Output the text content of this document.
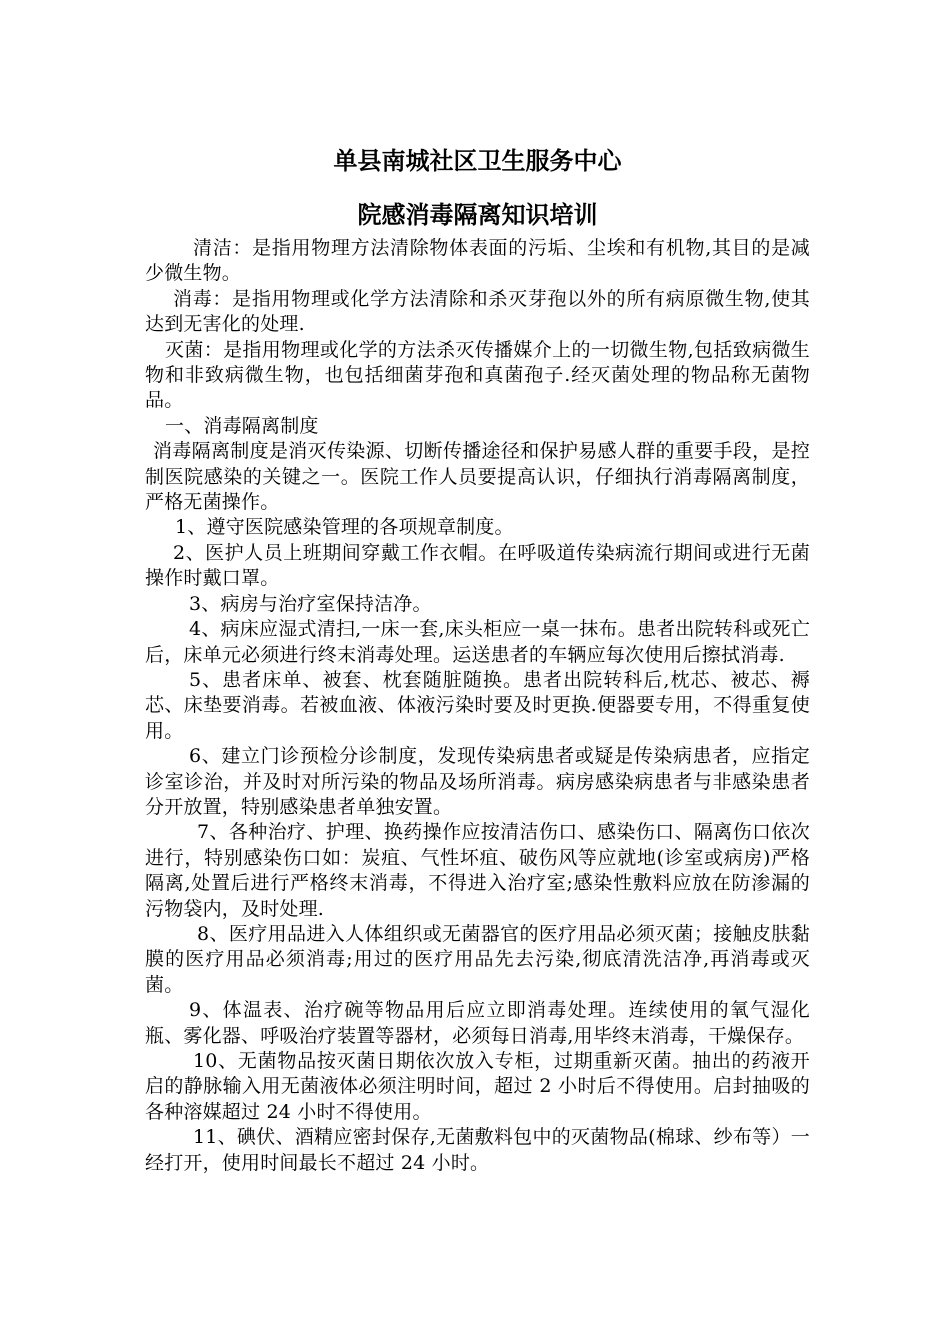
单县南城社区卫生服务中心
院感消毒隔离知识培训

清洁：是指用物理方法清除物体表面的污垢、尘埃和有机物,其目的是减少微生物。

消毒：是指用物理或化学方法清除和杀灭芽孢以外的所有病原微生物,使其达到无害化的处理.

灭菌：是指用物理或化学的方法杀灭传播媒介上的一切微生物,包括致病微生物和非致病微生物，也包括细菌芽孢和真菌孢子.经灭菌处理的物品称无菌物品。

一、消毒隔离制度

消毒隔离制度是消灭传染源、切断传播途径和保护易感人群的重要手段，是控制医院感染的关键之一。医院工作人员要提高认识，仔细执行消毒隔离制度，严格无菌操作。

1、遵守医院感染管理的各项规章制度。

2、医护人员上班期间穿戴工作衣帽。在呼吸道传染病流行期间或进行无菌操作时戴口罩。

3、病房与治疗室保持洁净。

4、病床应湿式清扫,一床一套,床头柜应一桌一抹布。患者出院转科或死亡后，床单元必须进行终末消毒处理。运送患者的车辆应每次使用后擦拭消毒.

5、患者床单、被套、枕套随脏随换。患者出院转科后,枕芯、被芯、褥芯、床垫要消毒。若被血液、体液污染时要及时更换.便器要专用，不得重复使用。

6、建立门诊预检分诊制度，发现传染病患者或疑是传染病患者，应指定诊室诊治，并及时对所污染的物品及场所消毒。病房感染病患者与非感染患者分开放置，特别感染患者单独安置。

7、各种治疗、护理、换药操作应按清洁伤口、感染伤口、隔离伤口依次进行，特别感染伤口如：炭疽、气性坏疽、破伤风等应就地(诊室或病房)严格隔离,处置后进行严格终末消毒，不得进入治疗室;感染性敷料应放在防渗漏的污物袋内，及时处理.

8、医疗用品进入人体组织或无菌器官的医疗用品必须灭菌；接触皮肤黏膜的医疗用品必须消毒;用过的医疗用品先去污染,彻底清洗洁净,再消毒或灭菌。

9、体温表、治疗碗等物品用后应立即消毒处理。连续使用的氧气湿化瓶、雾化器、呼吸治疗装置等器材，必须每日消毒,用毕终末消毒，干燥保存。

10、无菌物品按灭菌日期依次放入专柜，过期重新灭菌。抽出的药液开启的静脉输入用无菌液体必须注明时间，超过 2 小时后不得使用。启封抽吸的各种溶媒超过 24 小时不得使用。

11、碘伏、酒精应密封保存,无菌敷料包中的灭菌物品(棉球、纱布等）一经打开，使用时间最长不超过 24 小时。
